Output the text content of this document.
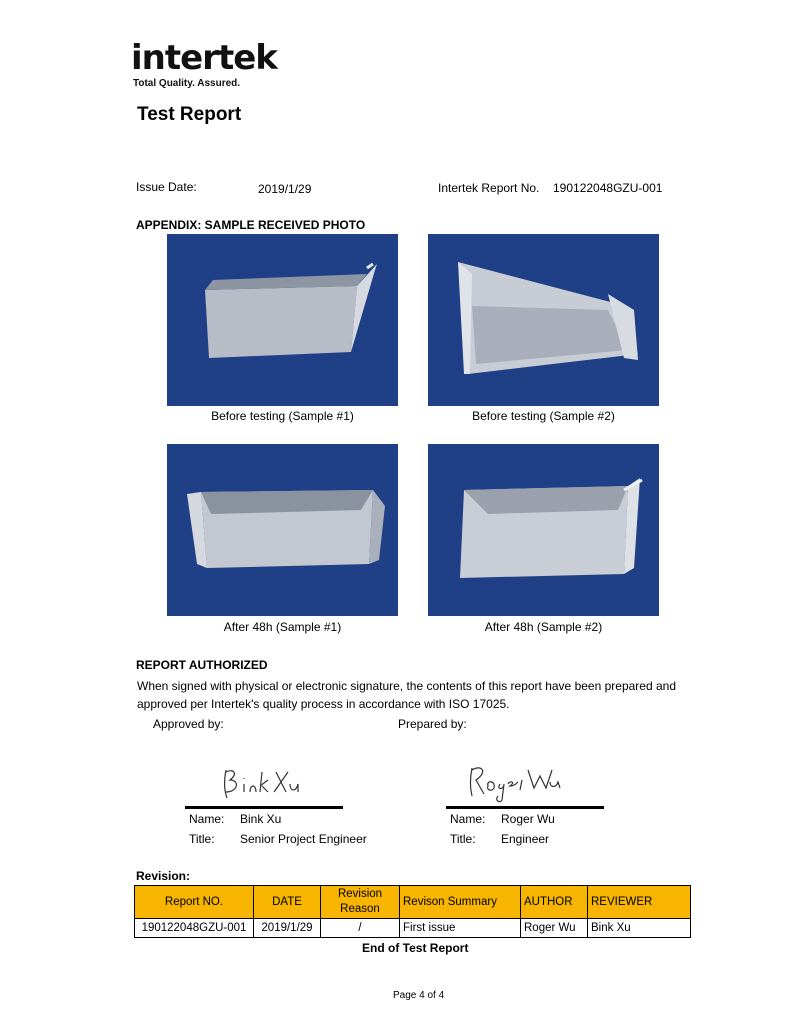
intertek
Total Quality. Assured.
Test Report
Issue Date:	2019/1/29	Intertek Report No. 190122048GZU-001
APPENDIX: SAMPLE RECEIVED PHOTO
Before testing (Sample #1)	Before testing (Sample #2)
After 48h (Sample #1)	After 48h (Sample #2)
REPORT AUTHORIZED
When signed with physical or electronic signature, the contents of this report have been prepared and approved per Intertek's quality process in accordance with ISO 17025.
Approved by:	Prepared by:
Name: Bink Xu
Title: Senior Project Engineer
Name: Roger Wu
Title: Engineer
Revision:
Report NO.	DATE	Revision Reason	Revison Summary	AUTHOR	REVIEWER
190122048GZU-001	2019/1/29	/	First issue	Roger Wu	Bink Xu
End of Test Report
Page 4 of 4
